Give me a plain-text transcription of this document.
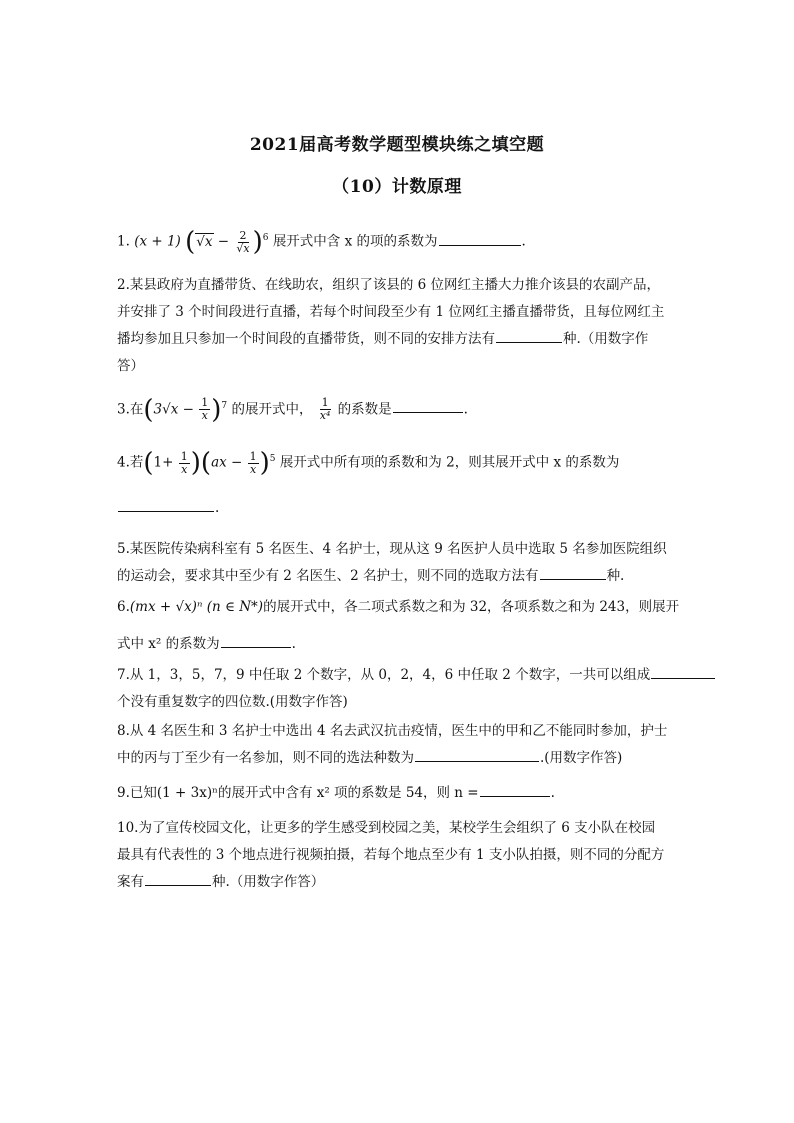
2021届高考数学题型模块练之填空题
（10）计数原理
1. (x + 1) $(√x - \frac{2}{√x} )^6$ 展开式中含 x 的项的系数为	.
2.某县政府为直播带货、在线助农，组织了该县的 6 位网红主播大力推介该县的农副产品，
并安排了 3 个时间段进行直播，若每个时间段至少有 1 位网红主播直播带货，且每位网红主
播均参加且只参加一个时间段的直播带货，则不同的安排方法有	种.（用数字作
答）
3.在$(3√x - \frac{1}{x} )^7$ 的展开式中， $\frac{1}{\text{x⁴}}$ 的系数是	.
4.若$(1+ \frac{1}{x} )(ax - \frac{1}{x} )^5$ 展开式中所有项的系数和为 2，则其展开式中 x 的系数为
.
5.某医院传染病科室有 5 名医生、4 名护士，现从这 9 名医护人员中选取 5 名参加医院组织
的运动会，要求其中至少有 2 名医生、2 名护士，则不同的选取方法有	种.
6.(mx + √x)ⁿ (n ∈ N*)的展开式中，各二项式系数之和为 32，各项系数之和为 243，则展开
式中 x² 的系数为	.
7.从 1，3，5，7，9 中任取 2 个数字，从 0，2，4，6 中任取 2 个数字，一共可以组成
个没有重复数字的四位数.(用数字作答)
8.从 4 名医生和 3 名护士中选出 4 名去武汉抗击疫情，医生中的甲和乙不能同时参加，护士
中的丙与丁至少有一名参加，则不同的选法种数为	.(用数字作答)
9.已知(1 + 3x)ⁿ的展开式中含有 x² 项的系数是 54，则 n =	.
10.为了宣传校园文化，让更多的学生感受到校园之美，某校学生会组织了 6 支小队在校园
最具有代表性的 3 个地点进行视频拍摄，若每个地点至少有 1 支小队拍摄，则不同的分配方
案有	种.（用数字作答）
